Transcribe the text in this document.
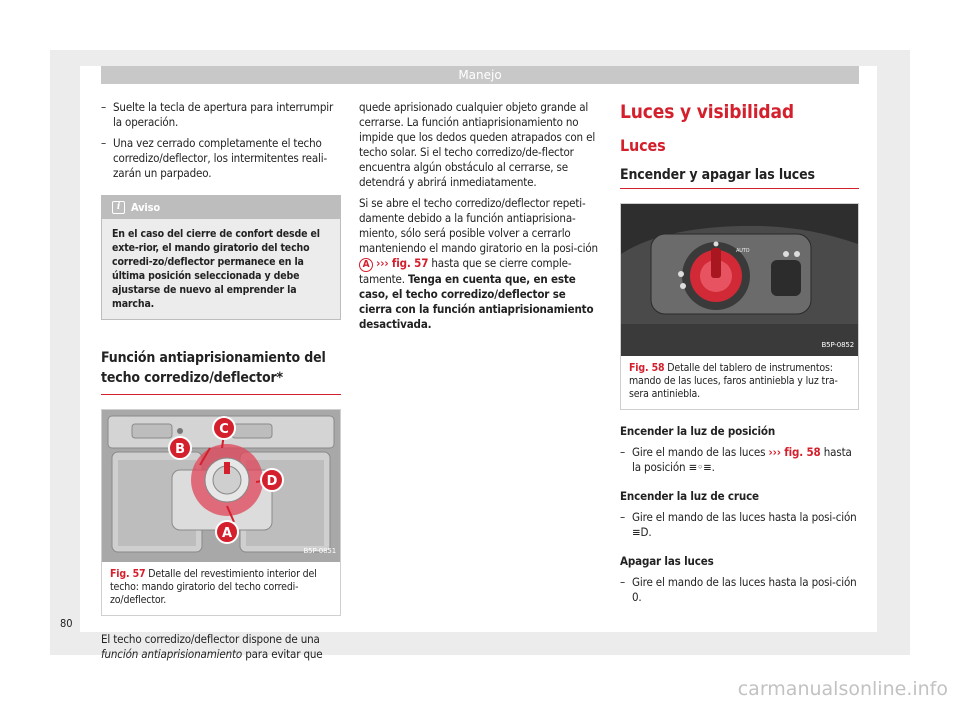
Manejo
– Suelte la tecla de apertura para interrumpir la operación.
– Una vez cerrado completamente el techo corredizo/deflector, los intermitentes reali-zarán un parpadeo.
i Aviso
En el caso del cierre de confort desde el exte-rior, el mando giratorio del techo corredi-zo/deflector permanece en la última posición seleccionada y debe ajustarse de nuevo al emprender la marcha.
Función antiaprisionamiento del techo corredizo/deflector*
A
B
C
D
B5P-0851
Fig. 57 Detalle del revestimiento interior del techo: mando giratorio del techo corredi-zo/deflector.
El techo corredizo/deflector dispone de una función antiaprisionamiento para evitar que
quede aprisionado cualquier objeto grande al cerrarse. La función antiaprisionamiento no impide que los dedos queden atrapados con el techo solar. Si el techo corredizo/de-flector encuentra algún obstáculo al cerrarse, se detendrá y abrirá inmediatamente.
Si se abre el techo corredizo/deflector repeti-damente debido a la función antiaprisiona-miento, sólo será posible volver a cerrarlo manteniendo el mando giratorio en la posi-ción A ››› fig. 57 hasta que se cierre comple-tamente. Tenga en cuenta que, en este caso, el techo corredizo/deflector se cierra con la función antiaprisionamiento desactivada.
Luces y visibilidad
Luces
Encender y apagar las luces
AUTO
B5P-0852
Fig. 58 Detalle del tablero de instrumentos: mando de las luces, faros antiniebla y luz tra-sera antiniebla.
Encender la luz de posición
– Gire el mando de las luces ››› fig. 58 hasta la posición ≡◦≡.
Encender la luz de cruce
– Gire el mando de las luces hasta la posi-ción ≡D.
Apagar las luces
– Gire el mando de las luces hasta la posi-ción 0.
80
carmanualsonline.info
